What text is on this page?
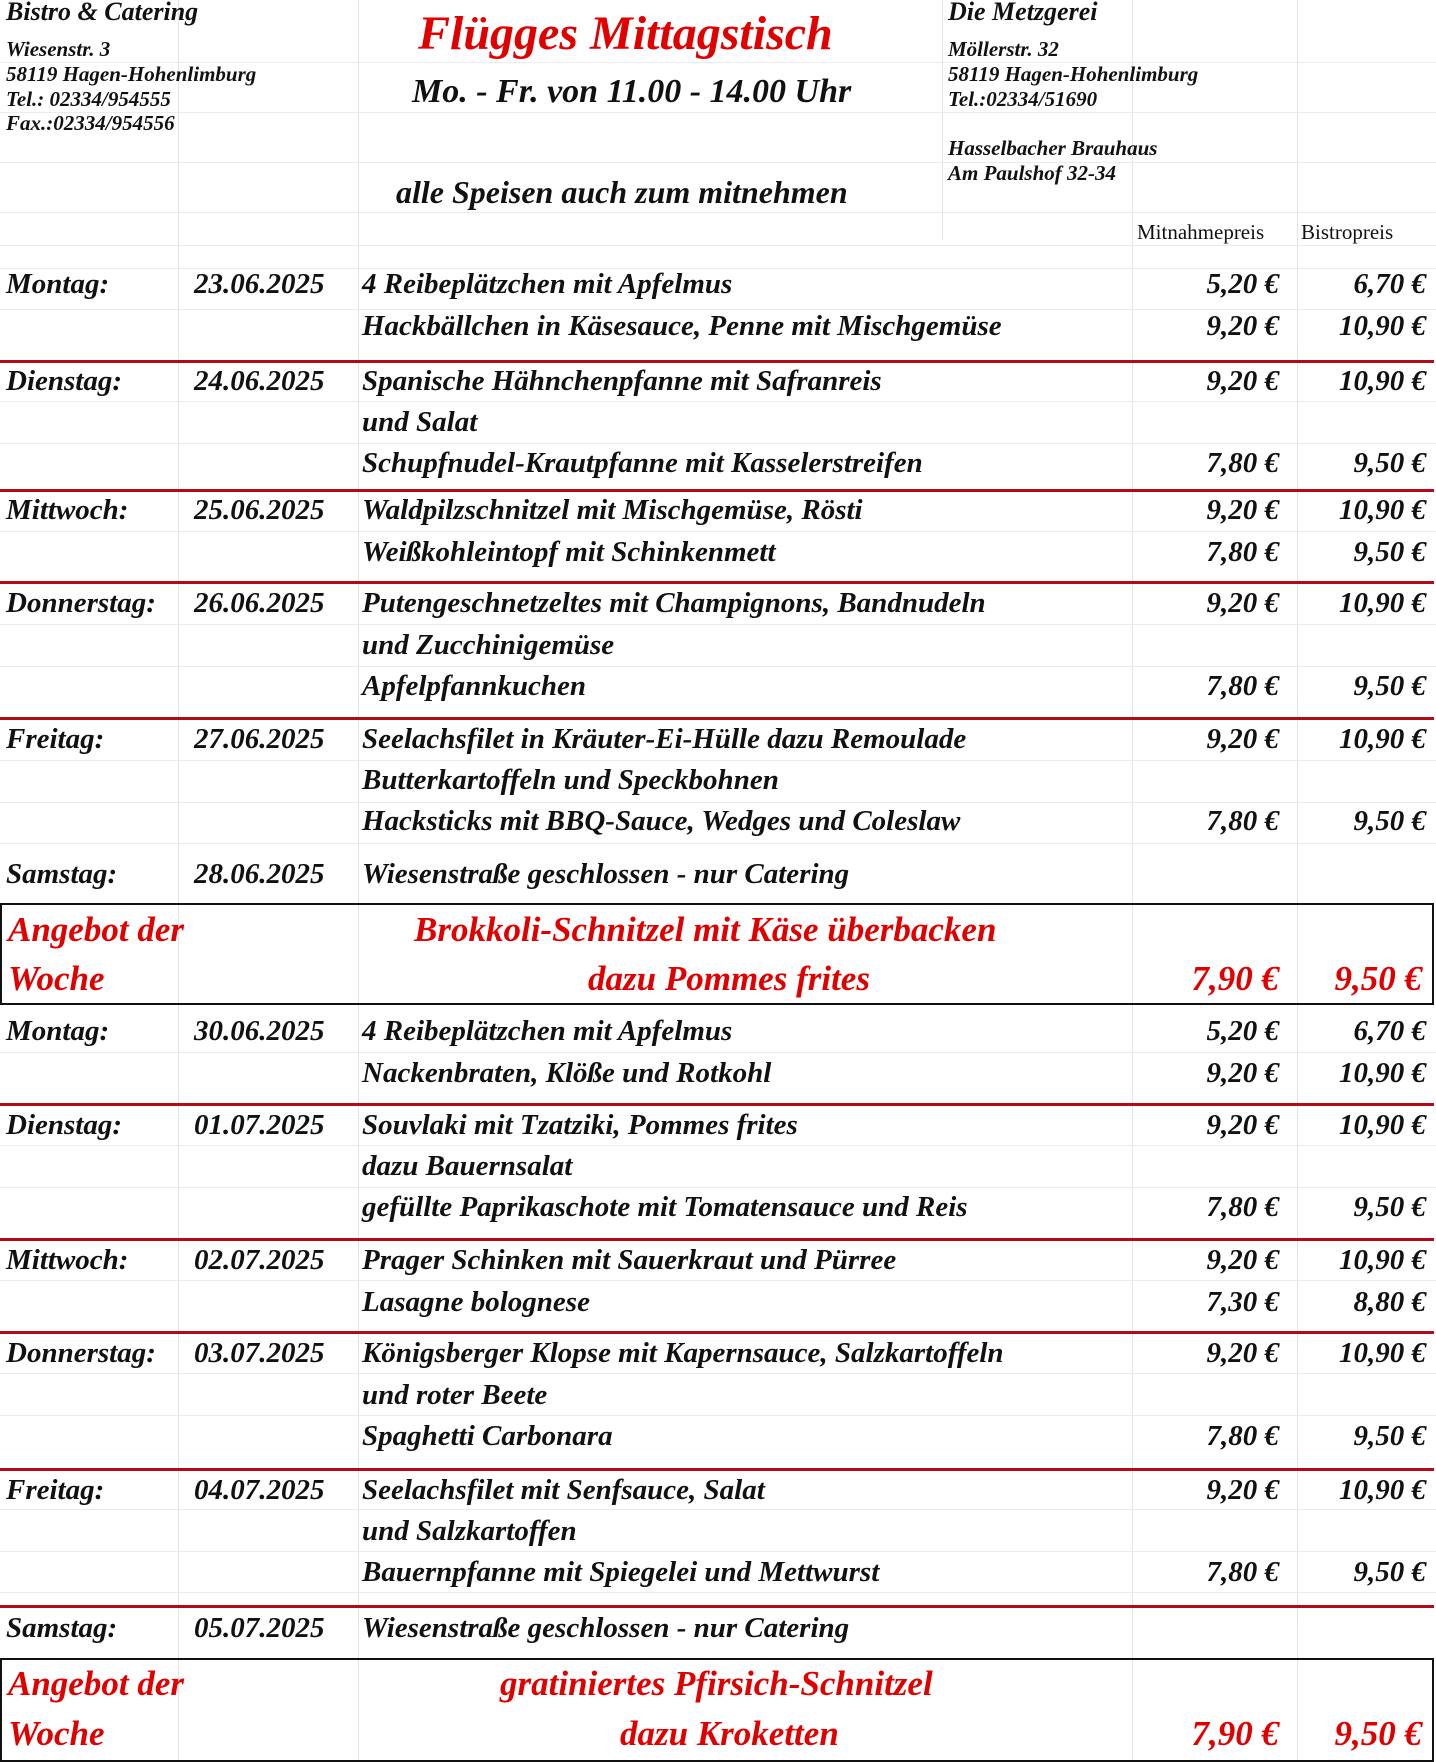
Bistro & Catering
Wiesenstr. 3
58119 Hagen-Hohenlimburg
Tel.: 02334/954555
Fax.:02334/954556
Flügges Mittagstisch
Mo. - Fr. von 11.00 - 14.00 Uhr
alle Speisen auch zum mitnehmen
Die Metzgerei
Möllerstr. 32
58119 Hagen-Hohenlimburg
Tel.:02334/51690
Hasselbacher Brauhaus
Am Paulshof 32-34
Mitnahmepreis Bistropreis
Montag:	23.06.2025 4 Reibeplätzchen mit Apfelmus	5,20 €	6,70 €
Hackbällchen in Käsesauce, Penne mit Mischgemüse	9,20 € 10,90 €
Dienstag: 24.06.2025 Spanische Hähnchenpfanne mit Safranreis	9,20 € 10,90 €
und Salat
Schupfnudel-Krautpfanne mit Kasselerstreifen	7,80 €	9,50 €
Mittwoch: 25.06.2025 Waldpilzschnitzel mit Mischgemüse, Rösti	9,20 € 10,90 €
Weißkohleintopf mit Schinkenmett	7,80 €	9,50 €
Donnerstag: 26.06.2025 Putengeschnetzeltes mit Champignons, Bandnudeln	9,20 € 10,90 €
und Zucchinigemüse
Apfelpfannkuchen	7,80 €	9,50 €
Freitag:	27.06.2025 Seelachsfilet in Kräuter-Ei-Hülle dazu Remoulade	9,20 € 10,90 €
Butterkartoffeln und Speckbohnen
Hacksticks mit BBQ-Sauce, Wedges und Coleslaw	7,80 €	9,50 €
Samstag:	28.06.2025 Wiesenstraße geschlossen - nur Catering
Angebot der
Woche
Brokkoli-Schnitzel mit Käse überbacken
dazu Pommes frites	7,90 € 9,50 €
Montag:	30.06.2025 4 Reibeplätzchen mit Apfelmus	5,20 €	6,70 €
Nackenbraten, Klöße und Rotkohl	9,20 € 10,90 €
Dienstag: 01.07.2025 Souvlaki mit Tzatziki, Pommes frites	9,20 € 10,90 €
dazu Bauernsalat
gefüllte Paprikaschote mit Tomatensauce und Reis	7,80 €	9,50 €
Mittwoch: 02.07.2025 Prager Schinken mit Sauerkraut und Pürree	9,20 € 10,90 €
Lasagne bolognese	7,30 €	8,80 €
Donnerstag: 03.07.2025 Königsberger Klopse mit Kapernsauce, Salzkartoffeln	9,20 € 10,90 €
und roter Beete
Spaghetti Carbonara	7,80 €	9,50 €
Freitag:	04.07.2025 Seelachsfilet mit Senfsauce, Salat	9,20 € 10,90 €
und Salzkartoffen
Bauernpfanne mit Spiegelei und Mettwurst	7,80 €	9,50 €
Samstag:	05.07.2025 Wiesenstraße geschlossen - nur Catering
Angebot der
Woche
gratiniertes Pfirsich-Schnitzel
dazu Kroketten	7,90 € 9,50 €
